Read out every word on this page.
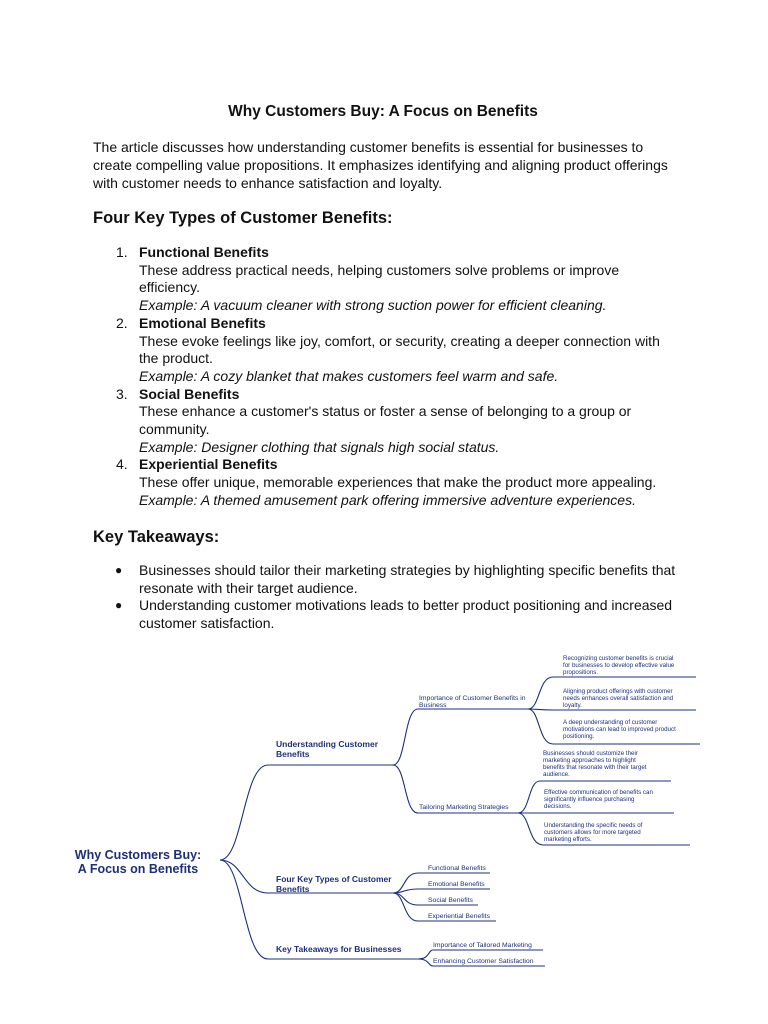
Why Customers Buy: A Focus on Benefits
The article discusses how understanding customer benefits is essential for businesses to create compelling value propositions. It emphasizes identifying and aligning product offerings with customer needs to enhance satisfaction and loyalty.
Four Key Types of Customer Benefits:
1. Functional Benefits
These address practical needs, helping customers solve problems or improve efficiency.
Example: A vacuum cleaner with strong suction power for efficient cleaning.
2. Emotional Benefits
These evoke feelings like joy, comfort, or security, creating a deeper connection with the product.
Example: A cozy blanket that makes customers feel warm and safe.
3. Social Benefits
These enhance a customer's status or foster a sense of belonging to a group or community.
Example: Designer clothing that signals high social status.
4. Experiential Benefits
These offer unique, memorable experiences that make the product more appealing.
Example: A themed amusement park offering immersive adventure experiences.
Key Takeaways:
● Businesses should tailor their marketing strategies by highlighting specific benefits that resonate with their target audience.
● Understanding customer motivations leads to better product positioning and increased customer satisfaction.
Why Customers Buy:
A Focus on Benefits
Understanding Customer
Benefits
Importance of Customer Benefits in
Business
Recognizing customer benefits is crucial
for businesses to develop effective value
propositions.
Aligning product offerings with customer
needs enhances overall satisfaction and
loyalty.
A deep understanding of customer
motivations can lead to improved product
positioning.
Tailoring Marketing Strategies
Businesses should customize their
marketing approaches to highlight
benefits that resonate with their target
audience.
Effective communication of benefits can
significantly influence purchasing
decisions.
Understanding the specific needs of
customers allows for more targeted
marketing efforts.
Four Key Types of Customer
Benefits
Functional Benefits
Emotional Benefits
Social Benefits
Experiential Benefits
Key Takeaways for Businesses	Importance of Tailored Marketing
Enhancing Customer Satisfaction
